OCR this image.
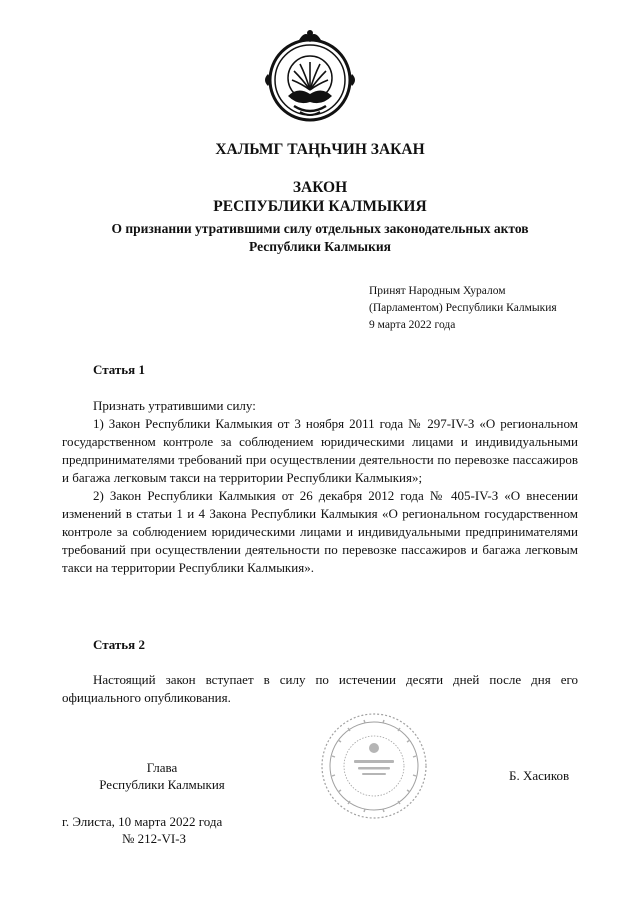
ХАЛЬМГ ТАҢҺЧИН ЗАКАН
ЗАКОН
РЕСПУБЛИКИ КАЛМЫКИЯ
О признании утратившими силу отдельных законодательных актов
Республики Калмыкия
Принят Народным Хуралом
(Парламентом) Республики Калмыкия
9 марта 2022 года
Статья 1

Признать утратившими силу:

1) Закон Республики Калмыкия от 3 ноября 2011 года № 297-IV-З «О региональном государственном контроле за соблюдением юридическими лицами и индивидуальными предпринимателями требований при осуществлении деятельности по перевозке пассажиров и багажа легковым такси на территории Республики Калмыкия»;

2) Закон Республики Калмыкия от 26 декабря 2012 года № 405-IV-З «О внесении изменений в статьи 1 и 4 Закона Республики Калмыкия «О региональном государственном контроле за соблюдением юридическими лицами и индивидуальными предпринимателями требований при осуществлении деятельности по перевозке пассажиров и багажа легковым такси на территории Республики Калмыкия».

Статья 2

Настоящий закон вступает в силу по истечении десяти дней после дня его официального опубликования.

Глава
Республики Калмыкия
Б. Хасиков
г. Элиста, 10 марта 2022 года
№ 212-VI-З
